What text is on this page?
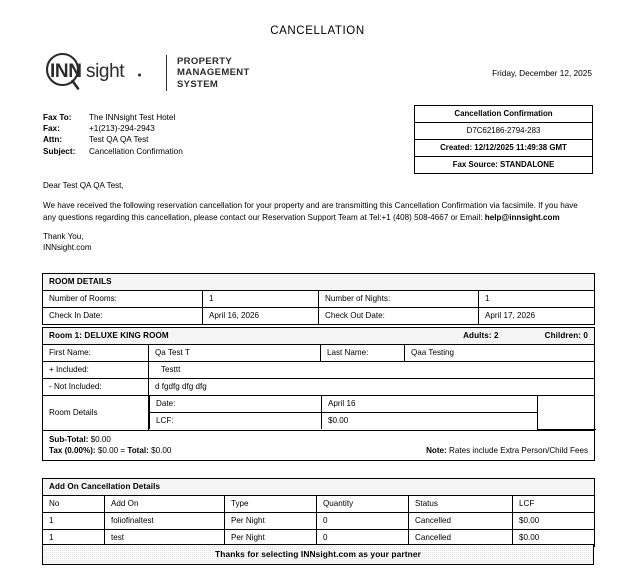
CANCELLATION
INN sight	PROPERTY
MANAGEMENT
SYSTEM
Friday, December 12, 2025
Fax To:	The INNsight Test Hotel
Fax:	+1(213)-294-2943
Attn:	Test QA QA Test
Subject:	Cancellation Confirmation
Cancellation Confirmation
D7C62186-2794-283
Created: 12/12/2025 11:49:38 GMT
Fax Source: STANDALONE

Dear Test QA QA Test,

We have received the following reservation cancellation for your property and are transmitting this Cancellation Confirmation via facsimile. If you have any questions regarding this cancellation, please contact our Reservation Support Team at Tel:+1 (408) 508-4667 or Email: help@innsight.com

Thank You,

INNsight.com

ROOM DETAILS			
Number of Rooms:	1	Number of Nights:	1
Check In Date:	April 16, 2026	Check Out Date:	April 17, 2026
Room 1: DELUXE KING ROOM	Adults: 2	Children: 0

First Name:	Qa Test T	Last Name:	Qaa Testing
+ Included:	Testtt
- Not Included:	d fgdfg dfg dfg
Room Details	
Date:	April 16	
LCF:	$0.00

Sub-Total: $0.00
Tax (0.00%): $0.00 = Total: $0.00	Note: Rates include Extra Person/Child Fees
Add On Cancellation Details					
No	Add On	Type	Quantity	Status	LCF
1	foliofinaltest	Per Night	0	Cancelled	$0.00
1	test	Per Night	0	Cancelled	$0.00
Thanks for selecting INNsight.com as your partner
